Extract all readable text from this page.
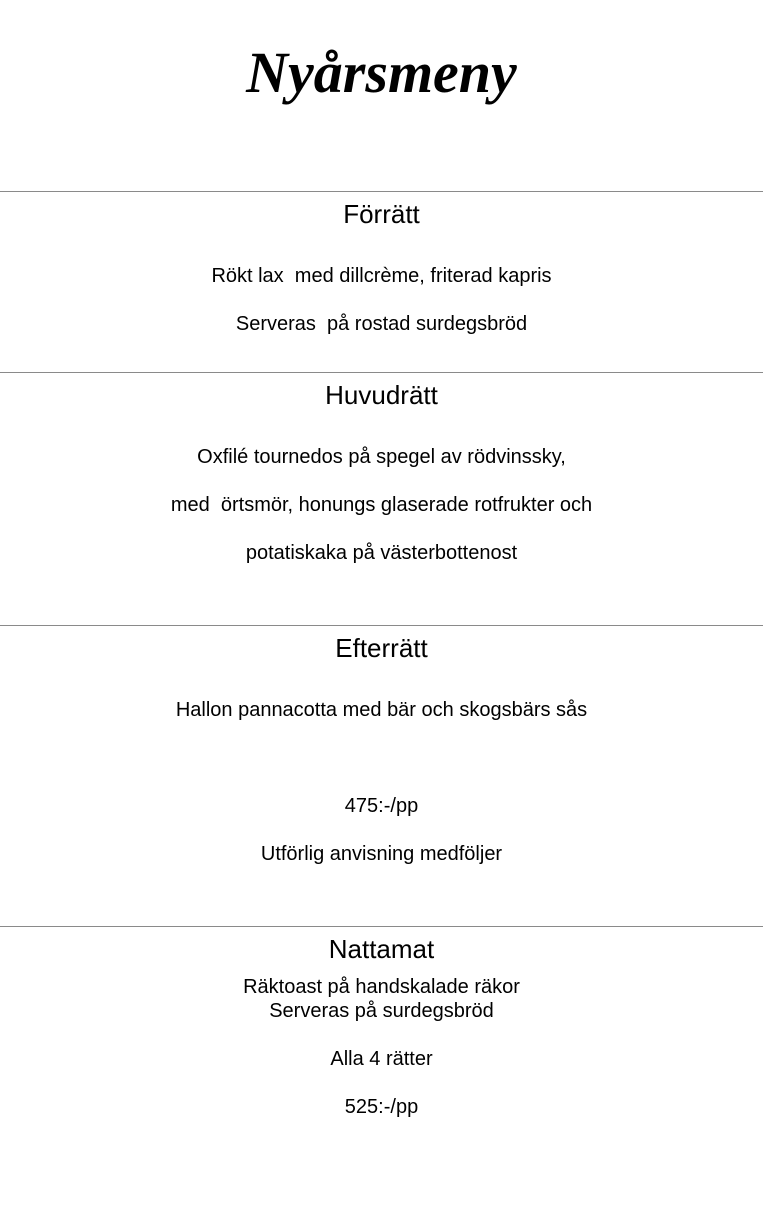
Nyårsmeny
Förrätt
Rökt lax  med dillcrème, friterad kapris
Serveras  på rostad surdegsbröd
Huvudrätt
Oxfilé tournedos på spegel av rödvinssky,
med  örtsmör, honungs glaserade rotfrukter och
potatiskaka på västerbottenost
Efterrätt
Hallon pannacotta med bär och skogsbärs sås
475:-/pp
Utförlig anvisning medföljer
Nattamat
Räktoast på handskalade räkor
Serveras på surdegsbröd
Alla 4 rätter
525:-/pp
